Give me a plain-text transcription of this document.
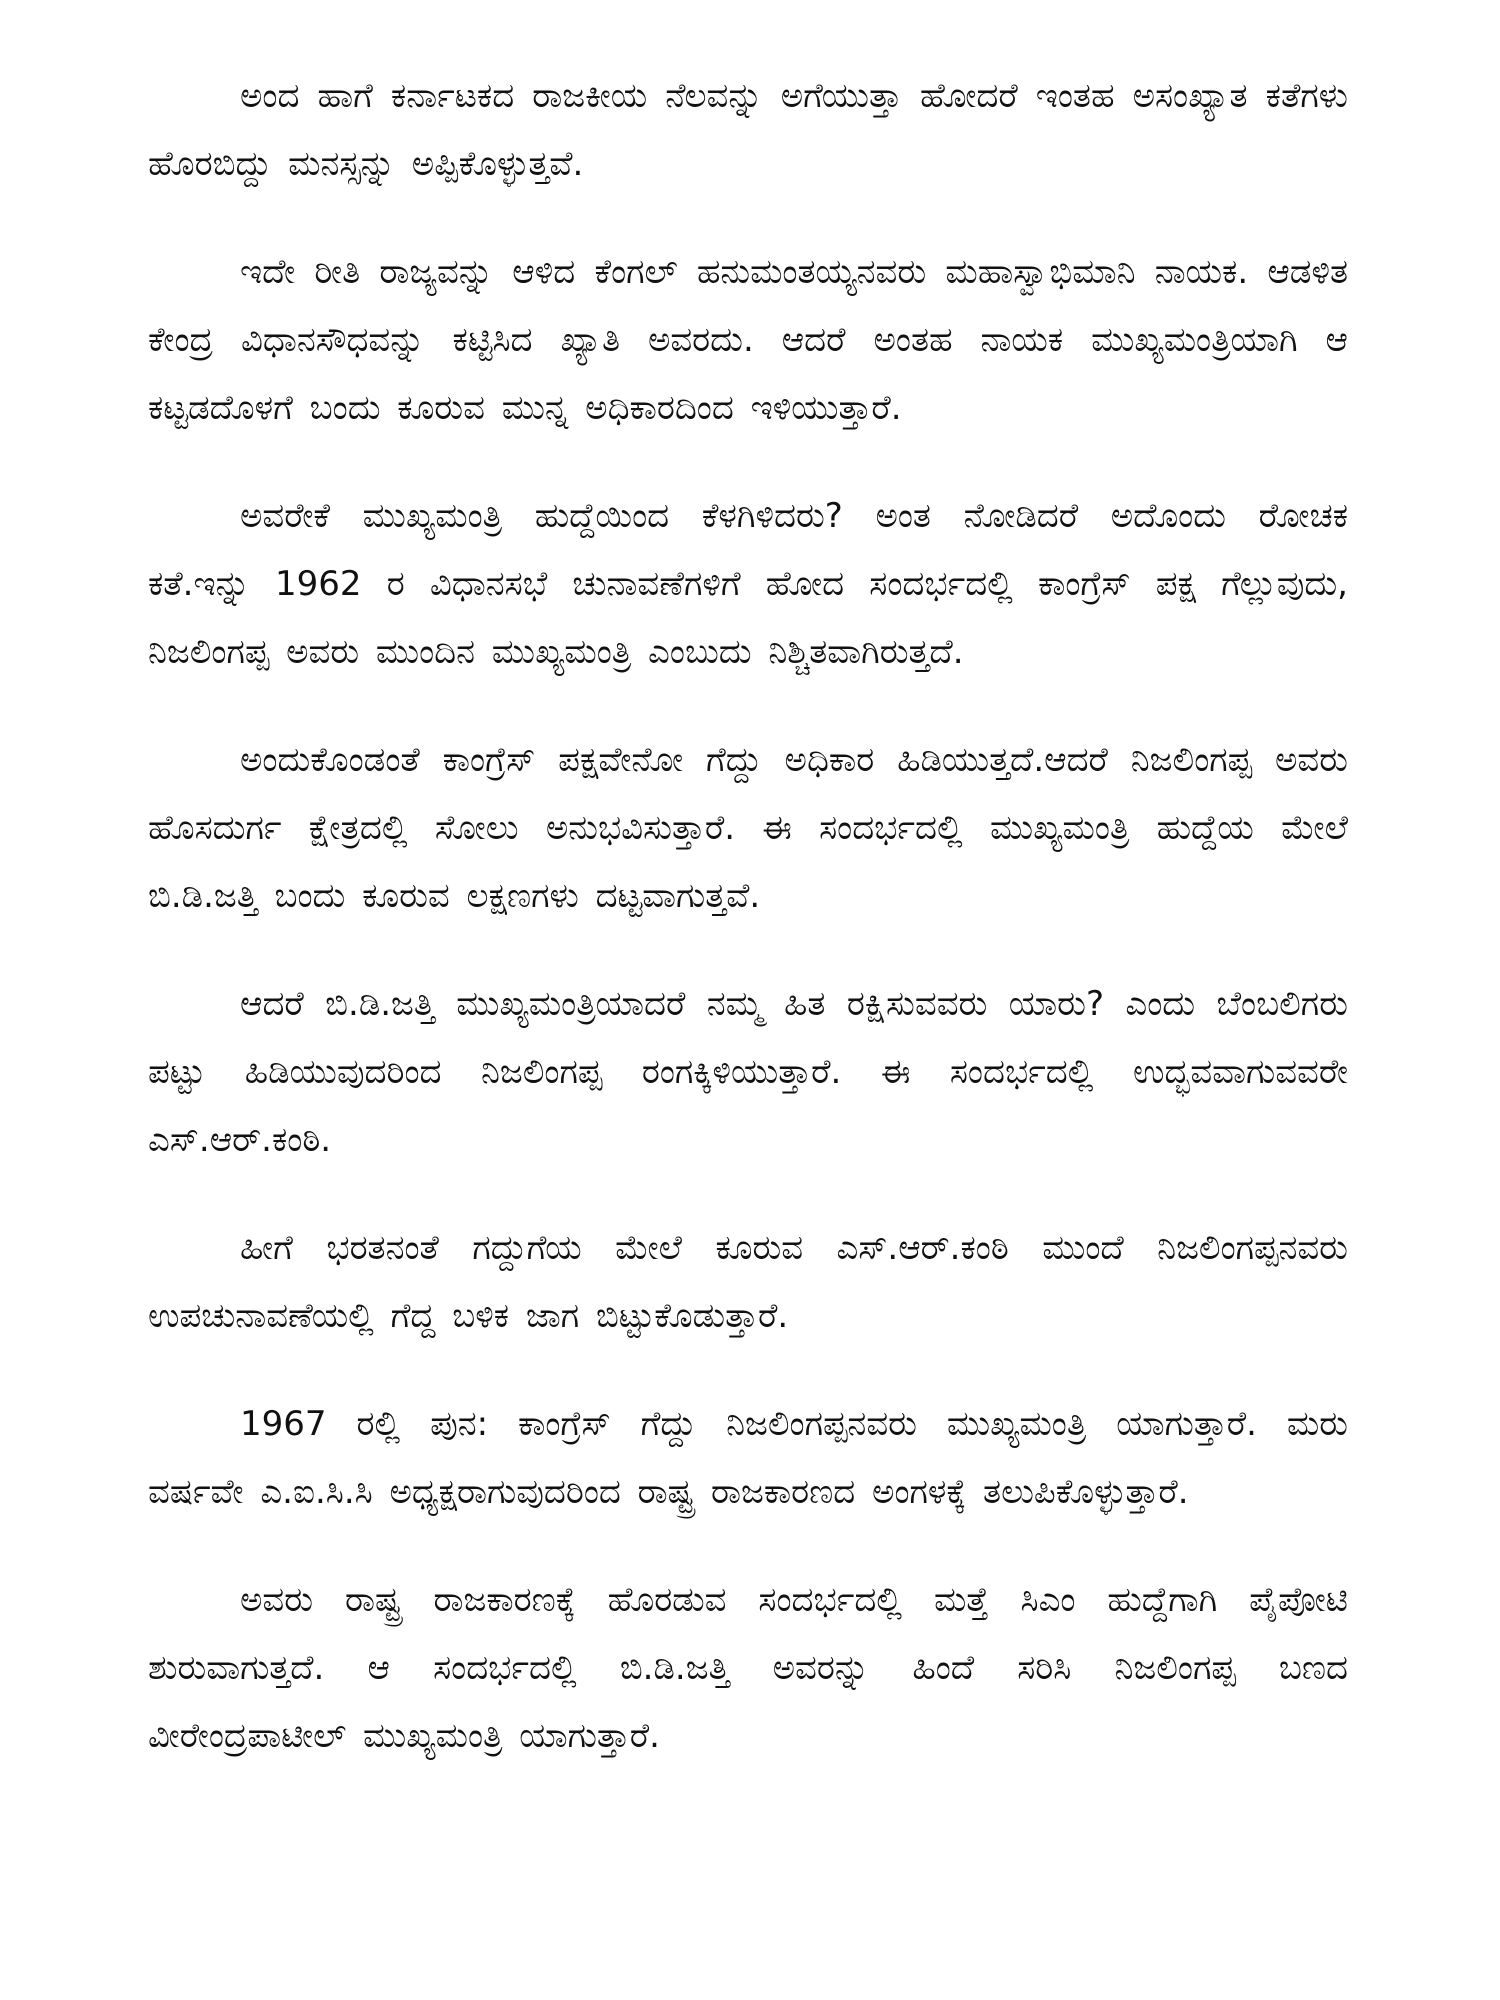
ಅಂದ ಹಾಗೆ ಕರ್ನಾಟಕದ ರಾಜಕೀಯ ನೆಲವನ್ನು ಅಗೆಯುತ್ತಾ ಹೋದರೆ ಇಂತಹ ಅಸಂಖ್ಯಾತ ಕತೆಗಳು ಹೊರಬಿದ್ದು ಮನಸ್ಸನ್ನು ಅಪ್ಪಿಕೊಳ್ಳುತ್ತವೆ.

ಇದೇ ರೀತಿ ರಾಜ್ಯವನ್ನು ಆಳಿದ ಕೆಂಗಲ್ ಹನುಮಂತಯ್ಯನವರು ಮಹಾಸ್ವಾಭಿಮಾನಿ ನಾಯಕ. ಆಡಳಿತ ಕೇಂದ್ರ ವಿಧಾನಸೌಧವನ್ನು ಕಟ್ಟಿಸಿದ ಖ್ಯಾತಿ ಅವರದು. ಆದರೆ ಅಂತಹ ನಾಯಕ ಮುಖ್ಯಮಂತ್ರಿಯಾಗಿ ಆ ಕಟ್ಟಡದೊಳಗೆ ಬಂದು ಕೂರುವ ಮುನ್ನ ಅಧಿಕಾರದಿಂದ ಇಳಿಯುತ್ತಾರೆ.

ಅವರೇಕೆ ಮುಖ್ಯಮಂತ್ರಿ ಹುದ್ದೆಯಿಂದ ಕೆಳಗಿಳಿದರು? ಅಂತ ನೋಡಿದರೆ ಅದೊಂದು ರೋಚಕ ಕತೆ.ಇನ್ನು 1962 ರ ವಿಧಾನಸಭೆ ಚುನಾವಣೆಗಳಿಗೆ ಹೋದ ಸಂದರ್ಭದಲ್ಲಿ ಕಾಂಗ್ರೆಸ್ ಪಕ್ಷ ಗೆಲ್ಲುವುದು, ನಿಜಲಿಂಗಪ್ಪ ಅವರು ಮುಂದಿನ ಮುಖ್ಯಮಂತ್ರಿ ಎಂಬುದು ನಿಶ್ಚಿತವಾಗಿರುತ್ತದೆ.

ಅಂದುಕೊಂಡಂತೆ ಕಾಂಗ್ರೆಸ್ ಪಕ್ಷವೇನೋ ಗೆದ್ದು ಅಧಿಕಾರ ಹಿಡಿಯುತ್ತದೆ.ಆದರೆ ನಿಜಲಿಂಗಪ್ಪ ಅವರು ಹೊಸದುರ್ಗ ಕ್ಷೇತ್ರದಲ್ಲಿ ಸೋಲು ಅನುಭವಿಸುತ್ತಾರೆ. ಈ ಸಂದರ್ಭದಲ್ಲಿ ಮುಖ್ಯಮಂತ್ರಿ ಹುದ್ದೆಯ ಮೇಲೆ ಬಿ.ಡಿ.ಜತ್ತಿ ಬಂದು ಕೂರುವ ಲಕ್ಷಣಗಳು ದಟ್ಟವಾಗುತ್ತವೆ.

ಆದರೆ ಬಿ.ಡಿ.ಜತ್ತಿ ಮುಖ್ಯಮಂತ್ರಿಯಾದರೆ ನಮ್ಮ ಹಿತ ರಕ್ಷಿಸುವವರು ಯಾರು? ಎಂದು ಬೆಂಬಲಿಗರು ಪಟ್ಟು ಹಿಡಿಯುವುದರಿಂದ ನಿಜಲಿಂಗಪ್ಪ ರಂಗಕ್ಕಿಳಿಯುತ್ತಾರೆ. ಈ ಸಂದರ್ಭದಲ್ಲಿ ಉದ್ಭವವಾಗುವವರೇ ಎಸ್.ಆರ್.ಕಂಠಿ.

ಹೀಗೆ ಭರತನಂತೆ ಗದ್ದುಗೆಯ ಮೇಲೆ ಕೂರುವ ಎಸ್.ಆರ್.ಕಂಠಿ ಮುಂದೆ ನಿಜಲಿಂಗಪ್ಪನವರು ಉಪಚುನಾವಣೆಯಲ್ಲಿ ಗೆದ್ದ ಬಳಿಕ ಜಾಗ ಬಿಟ್ಟುಕೊಡುತ್ತಾರೆ.

1967 ರಲ್ಲಿ ಪುನ: ಕಾಂಗ್ರೆಸ್ ಗೆದ್ದು ನಿಜಲಿಂಗಪ್ಪನವರು ಮುಖ್ಯಮಂತ್ರಿ ಯಾಗುತ್ತಾರೆ. ಮರು ವರ್ಷವೇ ಎ.ಐ.ಸಿ.ಸಿ ಅಧ್ಯಕ್ಷರಾಗುವುದರಿಂದ ರಾಷ್ಟ್ರ ರಾಜಕಾರಣದ ಅಂಗಳಕ್ಕೆ ತಲುಪಿಕೊಳ್ಳುತ್ತಾರೆ.

ಅವರು ರಾಷ್ಟ್ರ ರಾಜಕಾರಣಕ್ಕೆ ಹೊರಡುವ ಸಂದರ್ಭದಲ್ಲಿ ಮತ್ತೆ ಸಿಎಂ ಹುದ್ದೆಗಾಗಿ ಪೈಪೋಟಿ ಶುರುವಾಗುತ್ತದೆ. ಆ ಸಂದರ್ಭದಲ್ಲಿ ಬಿ.ಡಿ.ಜತ್ತಿ ಅವರನ್ನು ಹಿಂದೆ ಸರಿಸಿ ನಿಜಲಿಂಗಪ್ಪ ಬಣದ ವೀರೇಂದ್ರಪಾಟೀಲ್ ಮುಖ್ಯಮಂತ್ರಿ ಯಾಗುತ್ತಾರೆ.
